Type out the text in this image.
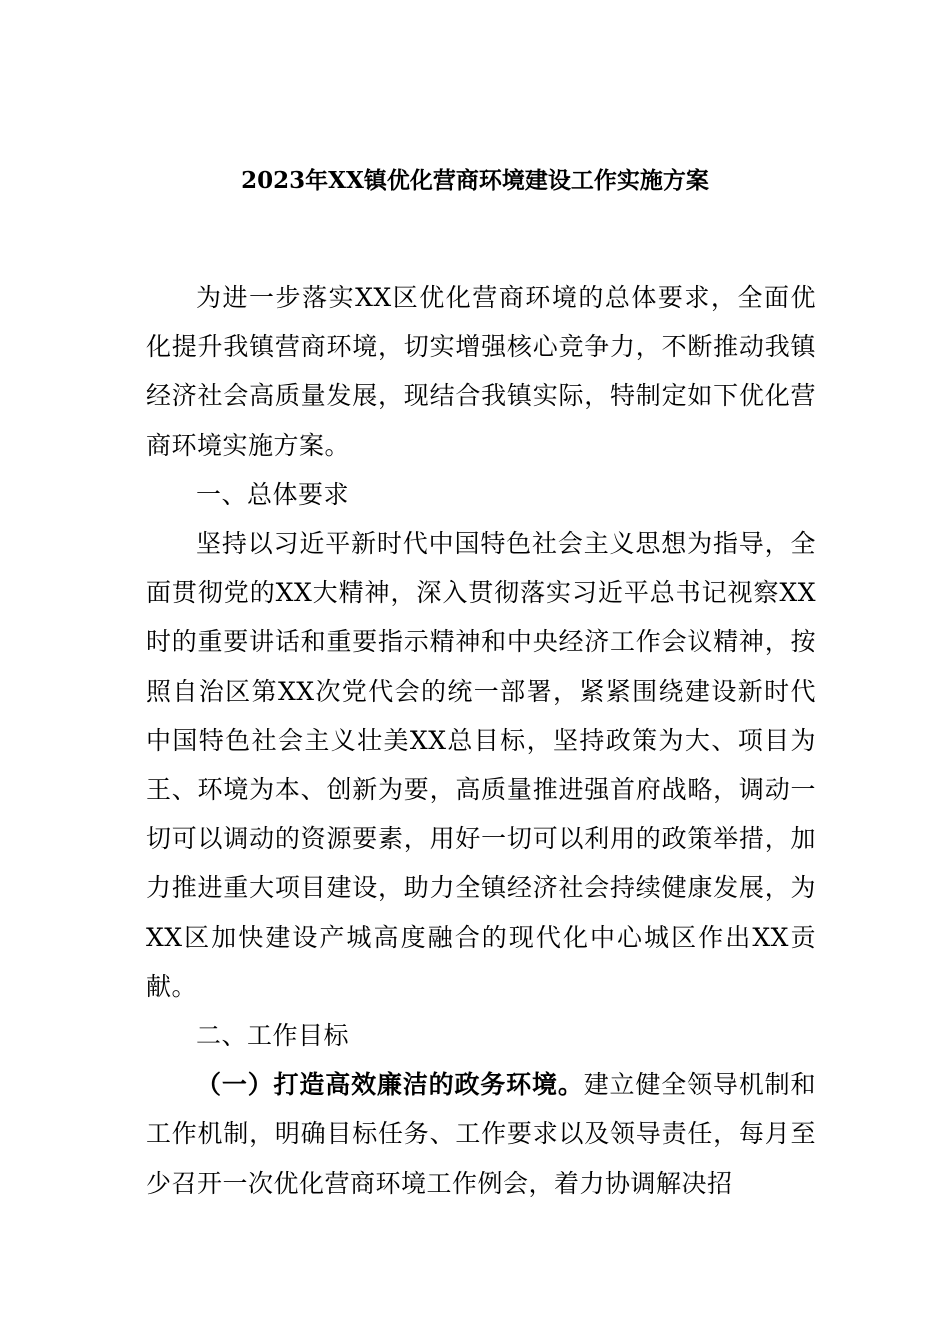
2023年XX镇优化营商环境建设工作实施方案

为进一步落实XX区优化营商环境的总体要求，全面优化提升我镇营商环境，切实增强核心竞争力，不断推动我镇经济社会高质量发展，现结合我镇实际，特制定如下优化营商环境实施方案。

一、总体要求

坚持以习近平新时代中国特色社会主义思想为指导，全面贯彻党的XX大精神，深入贯彻落实习近平总书记视察XX时的重要讲话和重要指示精神和中央经济工作会议精神，按照自治区第XX次党代会的统一部署，紧紧围绕建设新时代中国特色社会主义壮美XX总目标，坚持政策为大、项目为王、环境为本、创新为要，高质量推进强首府战略，调动一切可以调动的资源要素，用好一切可以利用的政策举措，加力推进重大项目建设，助力全镇经济社会持续健康发展，为XX区加快建设产城高度融合的现代化中心城区作出XX贡献。

二、工作目标

（一）打造高效廉洁的政务环境。建立健全领导机制和工作机制，明确目标任务、工作要求以及领导责任，每月至少召开一次优化营商环境工作例会，着力协调解决招
